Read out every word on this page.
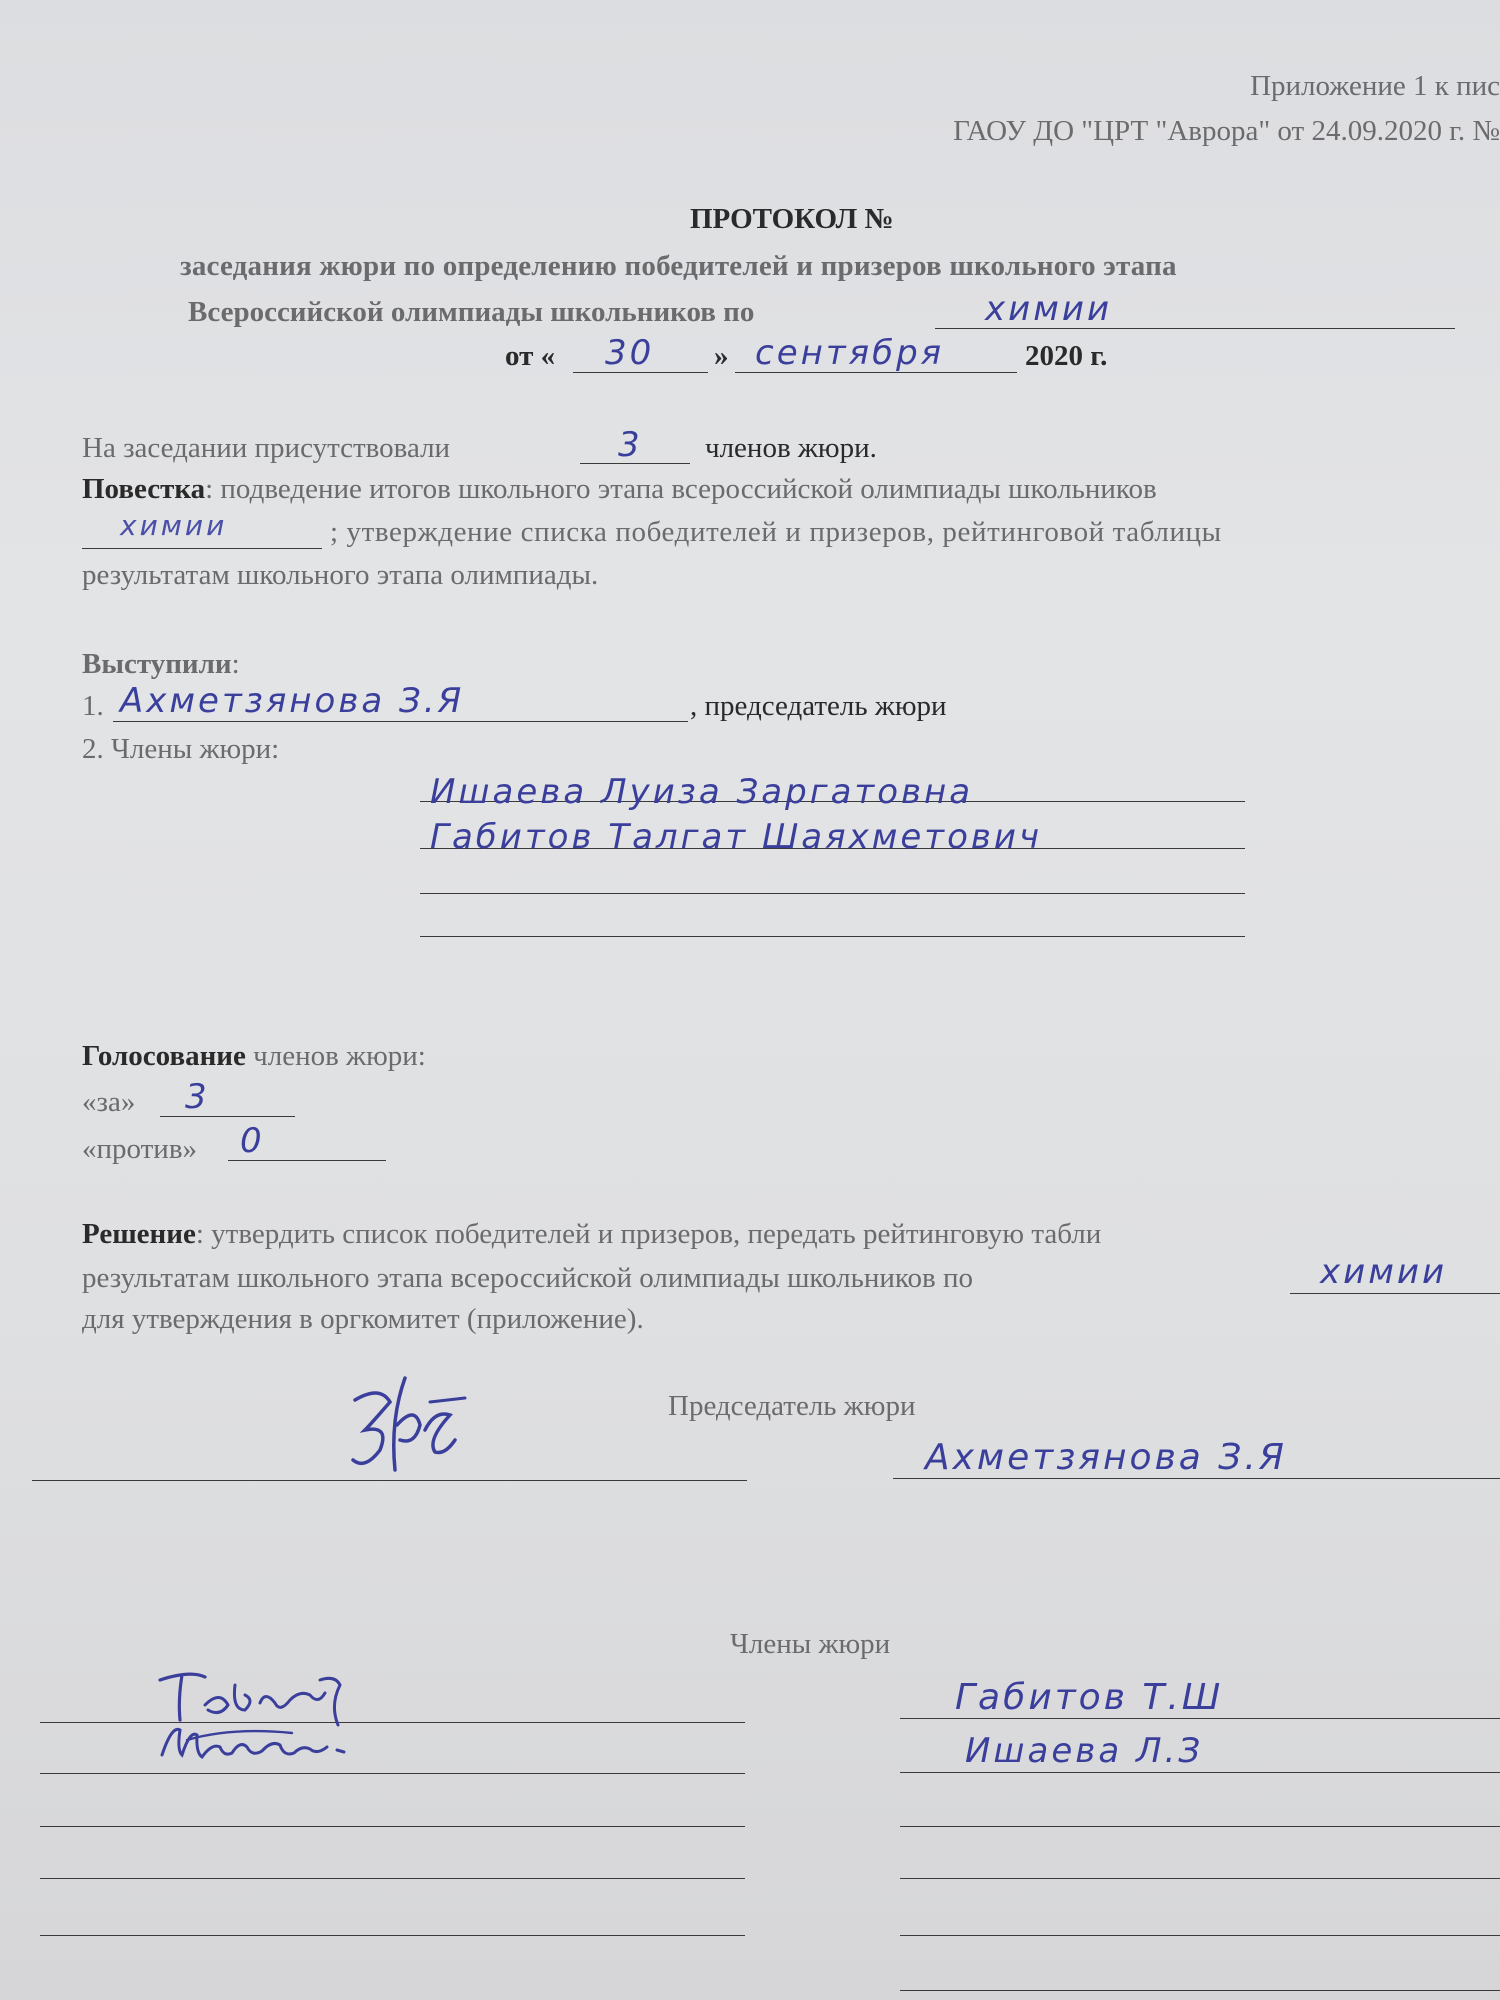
Приложение 1 к пис
ГАОУ ДО "ЦРТ "Аврора" от 24.09.2020 г. №
ПРОТОКОЛ №
заседания жюри по определению победителей и призеров школьного этапа
Всероссийской олимпиады школьников по	химии
от « 30 » сентября	2020 г.
На заседании присутствовали	3 членов жюри.
Повестка: подведение итогов школьного этапа всероссийской олимпиады школьников
химии	; утверждение списка победителей и призеров, рейтинговой таблицы
результатам школьного этапа олимпиады.
Выступили:
1. Ахметзянова З.Я	, председатель жюри
2. Члены жюри:
Ишаева Луиза Заргатовна
Габитов Талгат Шаяхметович
Голосование членов жюри:
«за» 3
«против» 0
Решение: утвердить список победителей и призеров, передать рейтинговую табли
результатам школьного этапа всероссийской олимпиады школьников по	химии
для утверждения в оргкомитет (приложение).
Председатель жюри
Ахметзянова З.Я
Члены жюри
Габитов Т.Ш
Ишаева Л.З
